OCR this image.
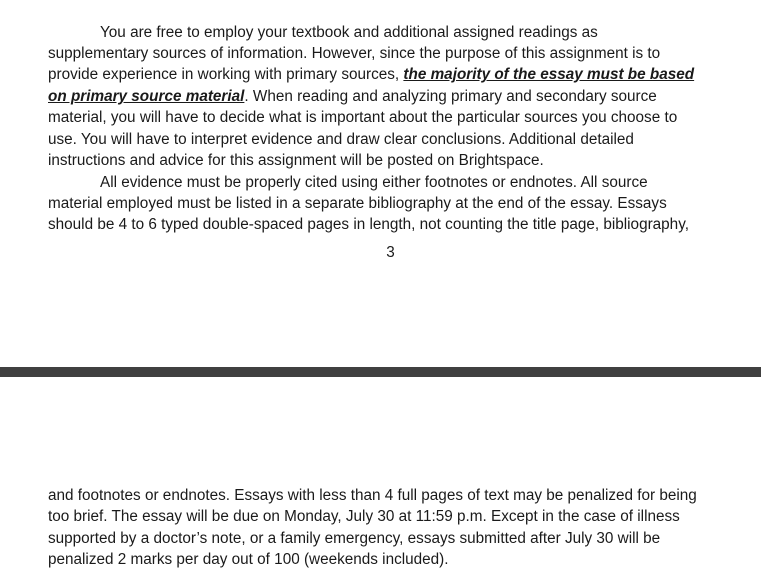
You are free to employ your textbook and additional assigned readings as
supplementary sources of information. However, since the purpose of this assignment is to
provide experience in working with primary sources, the majority of the essay must be based
on primary source material. When reading and analyzing primary and secondary source
material, you will have to decide what is important about the particular sources you choose to
use. You will have to interpret evidence and draw clear conclusions. Additional detailed
instructions and advice for this assignment will be posted on Brightspace.
All evidence must be properly cited using either footnotes or endnotes. All source
material employed must be listed in a separate bibliography at the end of the essay. Essays
should be 4 to 6 typed double-spaced pages in length, not counting the title page, bibliography,
3
and footnotes or endnotes. Essays with less than 4 full pages of text may be penalized for being
too brief. The essay will be due on Monday, July 30 at 11:59 p.m. Except in the case of illness
supported by a doctor’s note, or a family emergency, essays submitted after July 30 will be
penalized 2 marks per day out of 100 (weekends included).
